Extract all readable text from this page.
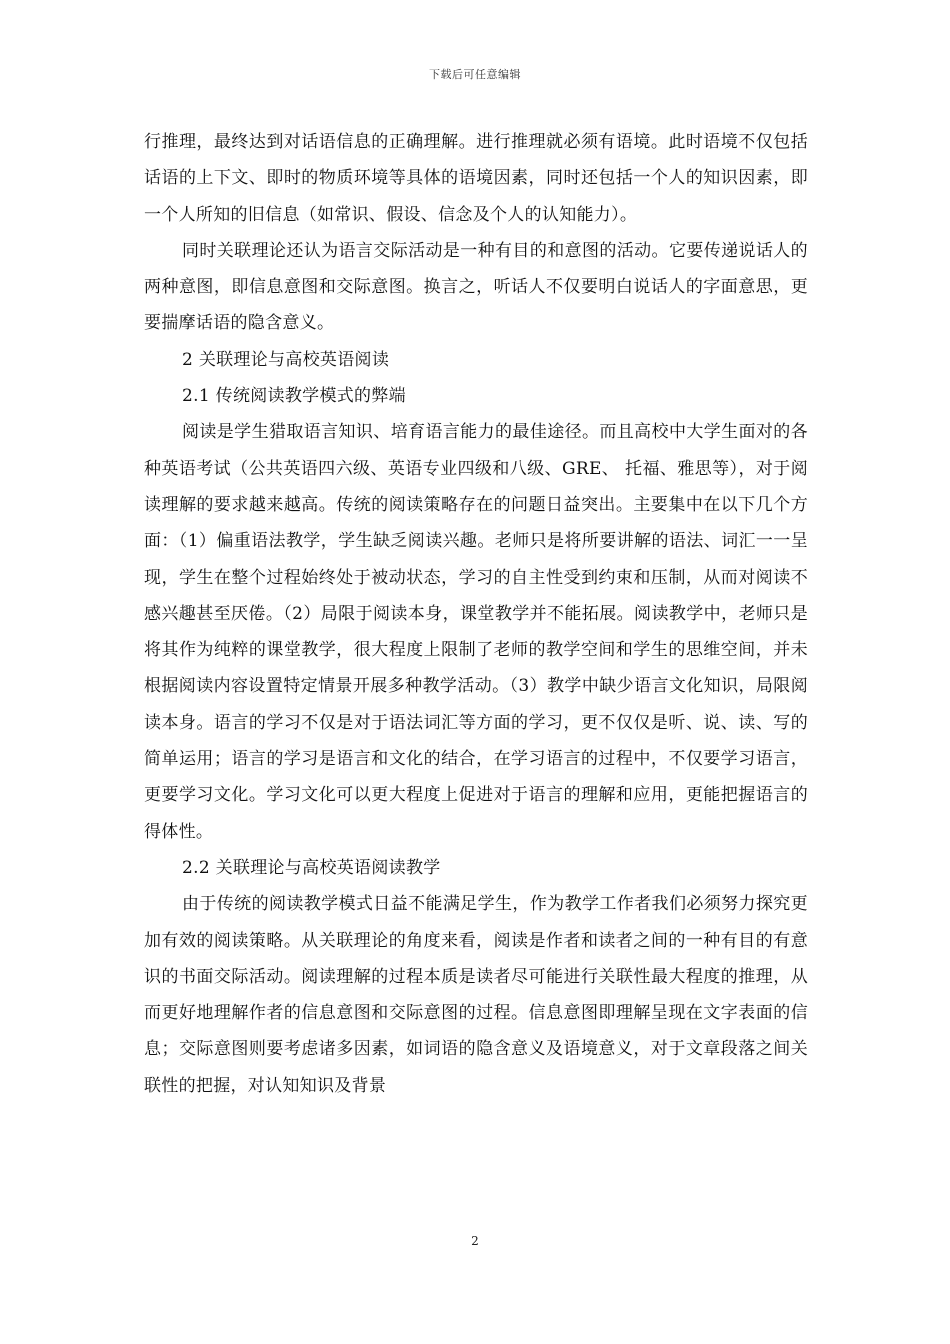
下载后可任意编辑

行推理，最终达到对话语信息的正确理解。进行推理就必须有语境。此时语境不仅包括话语的上下文、即时的物质环境等具体的语境因素，同时还包括一个人的知识因素，即一个人所知的旧信息（如常识、假设、信念及个人的认知能力）。

同时关联理论还认为语言交际活动是一种有目的和意图的活动。它要传递说话人的两种意图，即信息意图和交际意图。换言之，听话人不仅要明白说话人的字面意思，更要揣摩话语的隐含意义。

2 关联理论与高校英语阅读

2.1 传统阅读教学模式的弊端

阅读是学生猎取语言知识、培育语言能力的最佳途径。而且高校中大学生面对的各种英语考试（公共英语四六级、英语专业四级和八级、GRE、 托福、雅思等），对于阅读理解的要求越来越高。传统的阅读策略存在的问题日益突出。主要集中在以下几个方面：（1）偏重语法教学，学生缺乏阅读兴趣。老师只是将所要讲解的语法、词汇一一呈现，学生在整个过程始终处于被动状态，学习的自主性受到约束和压制，从而对阅读不感兴趣甚至厌倦。（2）局限于阅读本身，课堂教学并不能拓展。阅读教学中，老师只是将其作为纯粹的课堂教学，很大程度上限制了老师的教学空间和学生的思维空间，并未根据阅读内容设置特定情景开展多种教学活动。（3）教学中缺少语言文化知识，局限阅读本身。语言的学习不仅是对于语法词汇等方面的学习，更不仅仅是听、说、读、写的简单运用；语言的学习是语言和文化的结合，在学习语言的过程中，不仅要学习语言，更要学习文化。学习文化可以更大程度上促进对于语言的理解和应用，更能把握语言的得体性。

2.2 关联理论与高校英语阅读教学

由于传统的阅读教学模式日益不能满足学生，作为教学工作者我们必须努力探究更加有效的阅读策略。从关联理论的角度来看，阅读是作者和读者之间的一种有目的有意识的书面交际活动。阅读理解的过程本质是读者尽可能进行关联性最大程度的推理，从而更好地理解作者的信息意图和交际意图的过程。信息意图即理解呈现在文字表面的信息；交际意图则要考虑诸多因素，如词语的隐含意义及语境意义，对于文章段落之间关联性的把握，对认知知识及背景

2
